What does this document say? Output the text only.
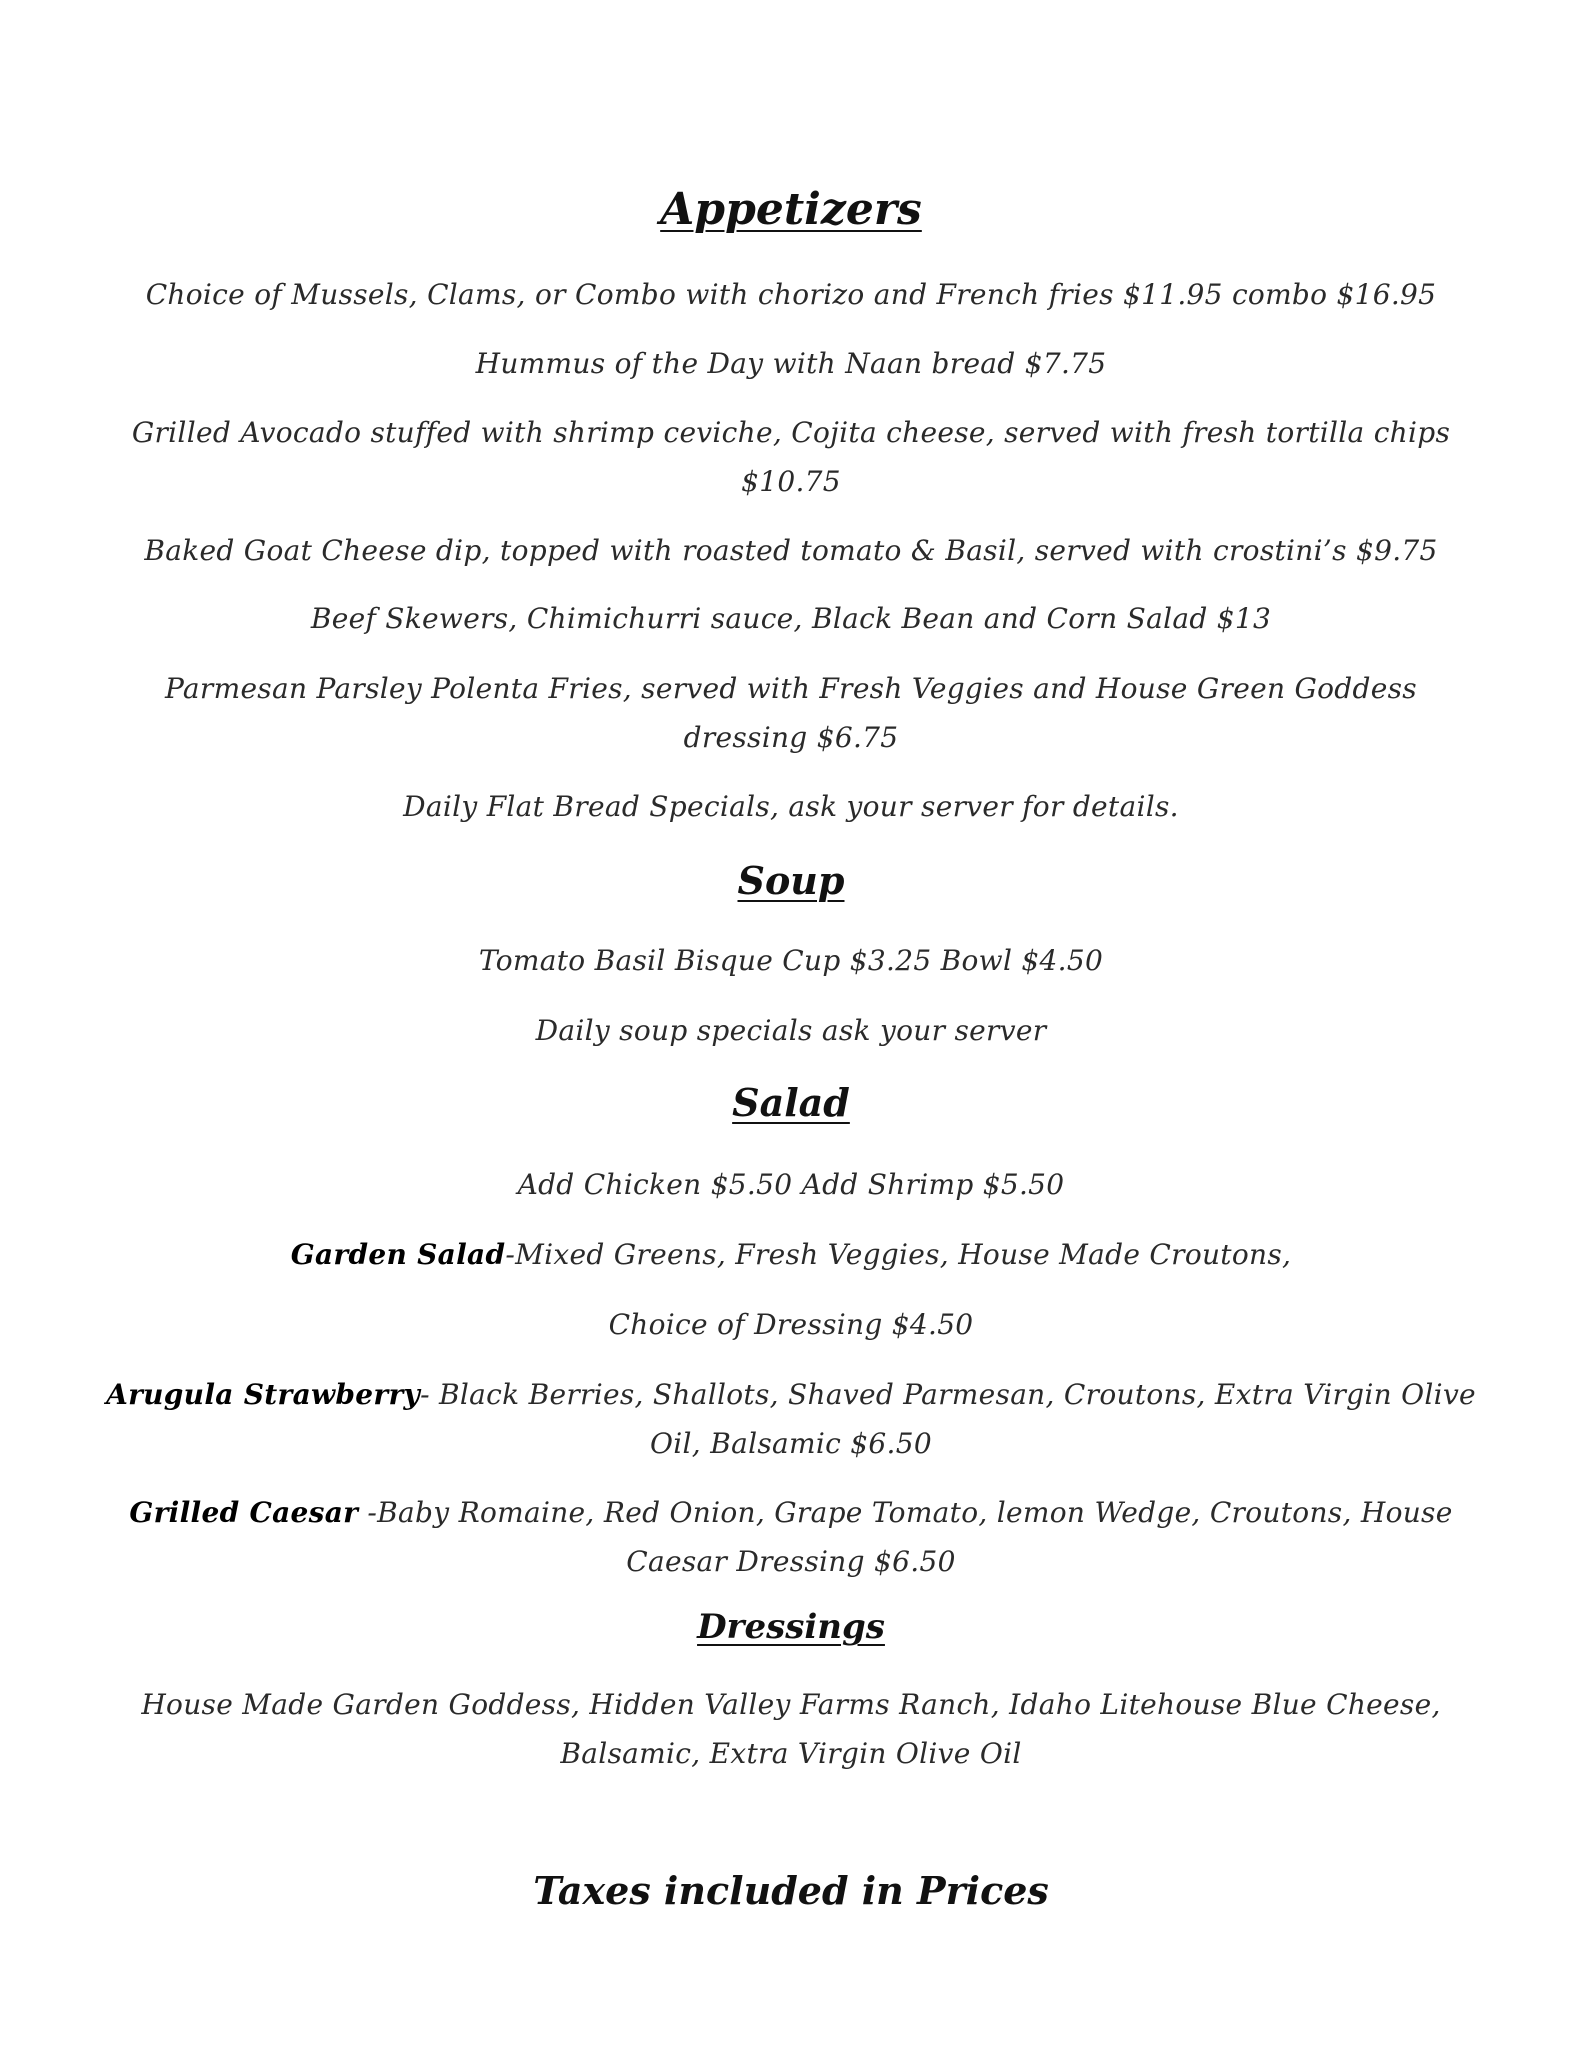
Appetizers
Choice of Mussels, Clams, or Combo with chorizo and French fries $11.95 combo $16.95
Hummus of the Day with Naan bread $7.75
Grilled Avocado stuffed with shrimp ceviche, Cojita cheese, served with fresh tortilla chips $10.75
Baked Goat Cheese dip, topped with roasted tomato & Basil, served with crostini’s $9.75
Beef Skewers, Chimichurri sauce, Black Bean and Corn Salad $13
Parmesan Parsley Polenta Fries, served with Fresh Veggies and House Green Goddess dressing $6.75
Daily Flat Bread Specials, ask your server for details.
Soup
Tomato Basil Bisque Cup $3.25 Bowl $4.50
Daily soup specials ask your server
Salad
Add Chicken $5.50 Add Shrimp $5.50
Garden Salad-Mixed Greens, Fresh Veggies, House Made Croutons,
Choice of Dressing $4.50
Arugula Strawberry- Black Berries, Shallots, Shaved Parmesan, Croutons, Extra Virgin Olive Oil, Balsamic $6.50
Grilled Caesar -Baby Romaine, Red Onion, Grape Tomato, lemon Wedge, Croutons, House Caesar Dressing $6.50
Dressings
House Made Garden Goddess, Hidden Valley Farms Ranch, Idaho Litehouse Blue Cheese, Balsamic, Extra Virgin Olive Oil
Taxes included in Prices
